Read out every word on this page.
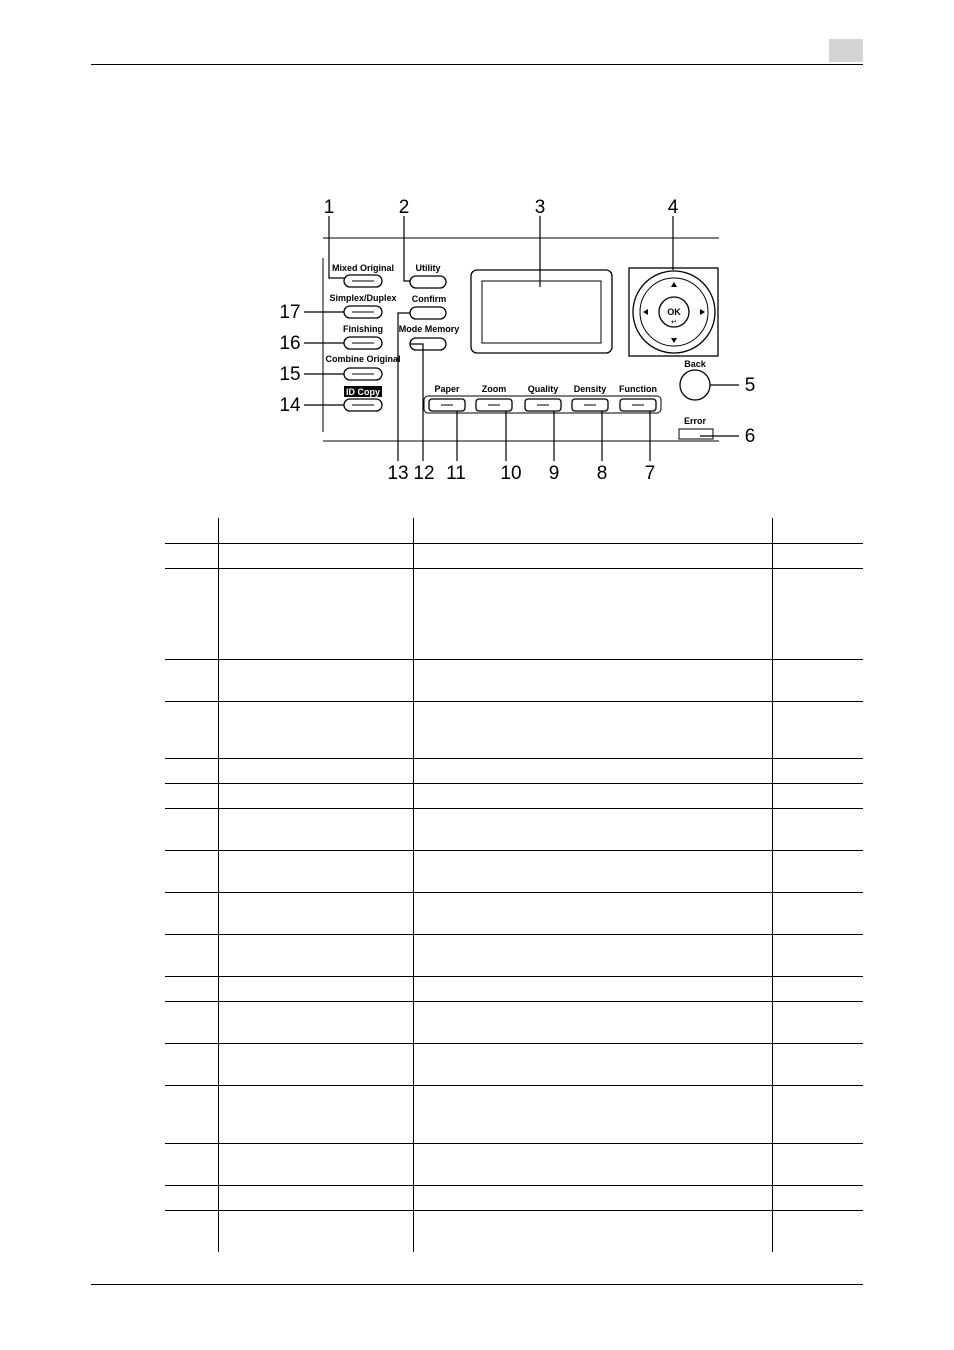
Mixed Original
Simplex/Duplex
Finishing
Combine Original
ID Copy
Utility
Confirm
Mode Memory
OK
↵
Back
Paper Zoom Quality Density Function
Error
1	2	3	4
5
6
7
8
9
10
11
12
13
14
15
16
17
